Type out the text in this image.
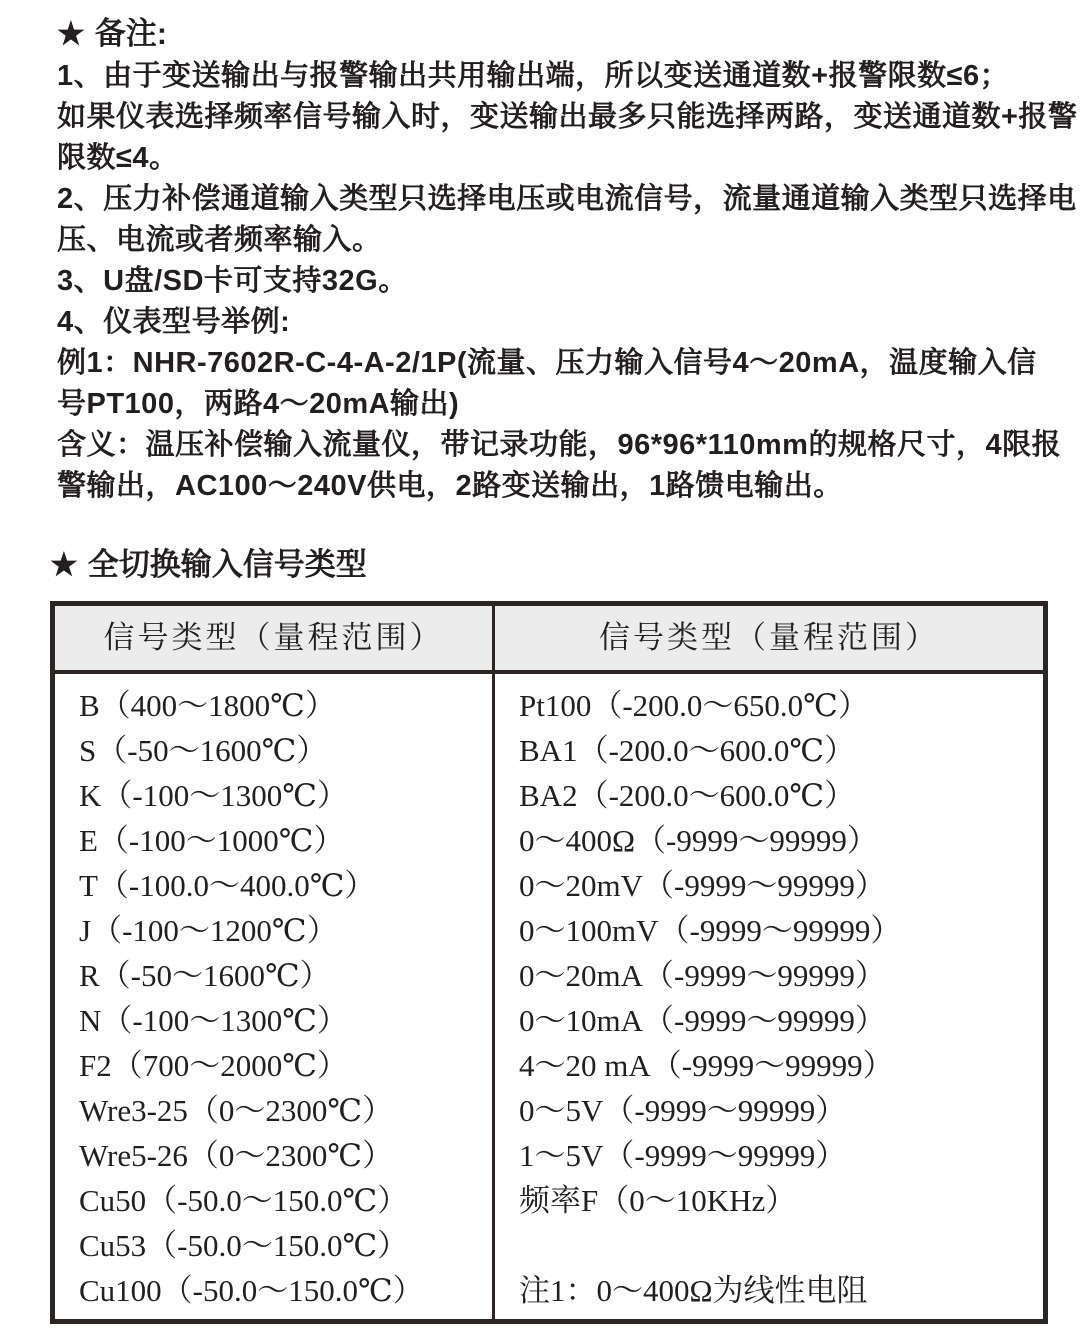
★ 备注:
1、由于变送输出与报警输出共用输出端，所以变送通道数+报警限数≤6；
如果仪表选择频率信号输入时，变送输出最多只能选择两路，变送通道数+报警
限数≤4。
2、压力补偿通道输入类型只选择电压或电流信号，流量通道输入类型只选择电
压、电流或者频率输入。
3、U盘/SD卡可支持32G。
4、仪表型号举例:
例1：NHR-7602R-C-4-A-2/1P(流量、压力输入信号4～20mA，温度输入信
号PT100，两路4～20mA输出)
含义：温压补偿输入流量仪，带记录功能，96*96*110mm的规格尺寸，4限报
警输出，AC100～240V供电，2路变送输出，1路馈电输出。
★ 全切换输入信号类型
信号类型（量程范围）	信号类型（量程范围）
B（400～1800℃）
S（-50～1600℃）
K（-100～1300℃）
E（-100～1000℃）
T（-100.0～400.0℃）
J（-100～1200℃）
R（-50～1600℃）
N（-100～1300℃）
F2（700～2000℃）
Wre3-25（0～2300℃）
Wre5-26（0～2300℃）
Cu50（-50.0～150.0℃）
Cu53（-50.0～150.0℃）
Cu100（-50.0～150.0℃）
Pt100（-200.0～650.0℃）
BA1（-200.0～600.0℃）
BA2（-200.0～600.0℃）
0～400Ω（-9999～99999）
0～20mV（-9999～99999）
0～100mV（-9999～99999）
0～20mA（-9999～99999）
0～10mA（-9999～99999）
4～20 mA（-9999～99999）
0～5V（-9999～99999）
1～5V（-9999～99999）
频率F（0～10KHz）
注1：0～400Ω为线性电阻
